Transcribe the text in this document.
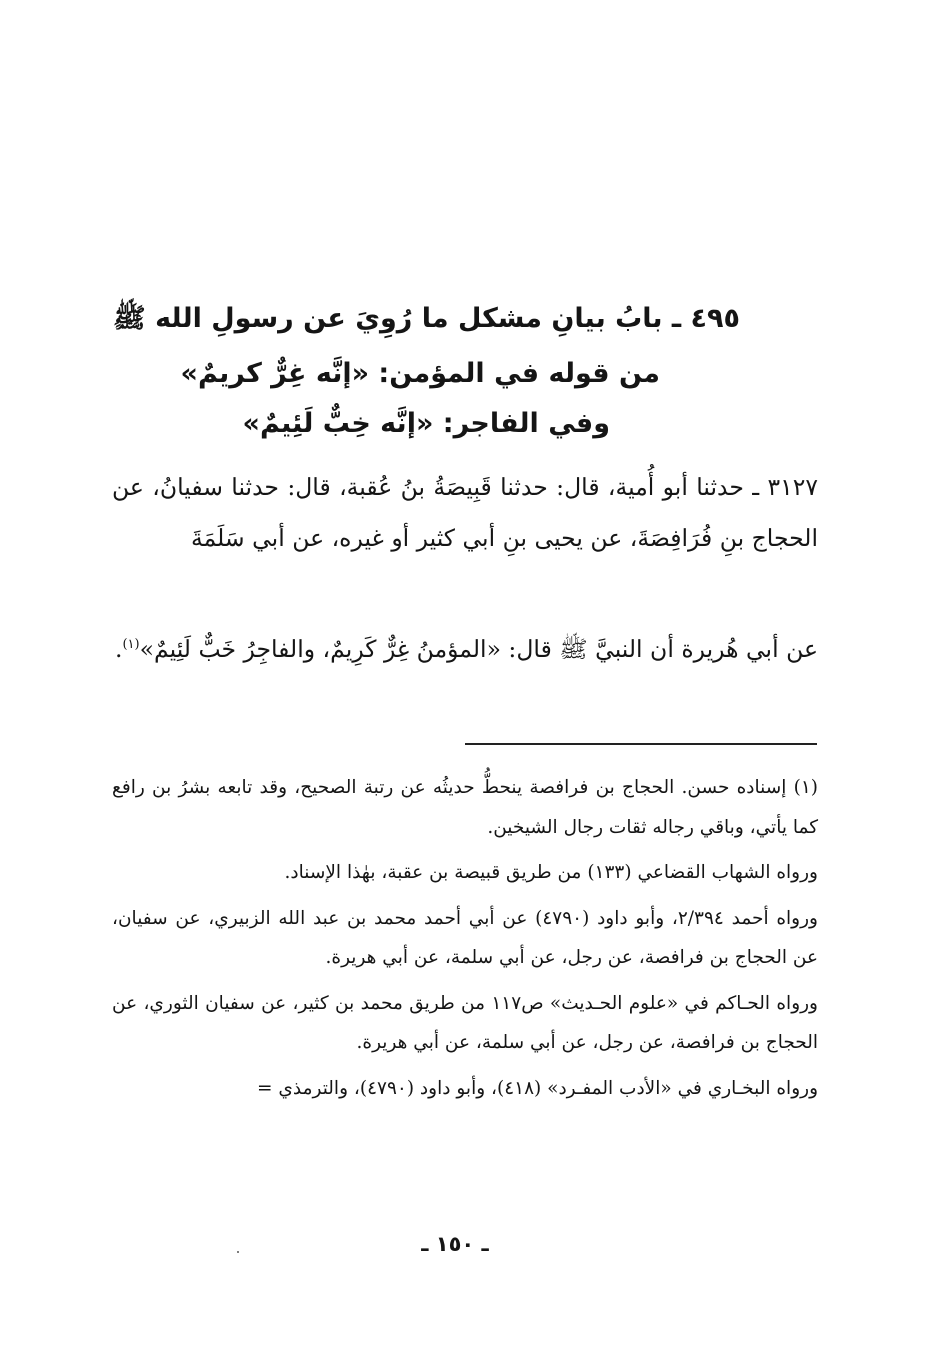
٤٩٥ ـ بابُ بيانِ مشكل ما رُوِيَ عن رسولِ الله ﷺ
من قوله في المؤمن: «إنَّه غِرٌّ كريمٌ»
وفي الفاجر: «إنَّه خِبٌّ لَئِيمٌ»
٣١٢٧ ـ حدثنا أبو أُمية، قال: حدثنا قَبِيصَةُ بنُ عُقبة، قال: حدثنا سفيانُ، عن الحجاج بنِ فُرَافِصَةَ، عن يحيى بنِ أبي كثير أو غيره، عن أبي سَلَمَةَ
عن أبي هُريرة أن النبيَّ ﷺ قال: «المؤمنُ غِرٌّ كَرِيمٌ، والفاجِرُ خَبٌّ لَئِيمٌ»$^{(١)}$.

(١) إسناده حسن. الحجاج بن فرافصة ينحطُّ حديثُه عن رتبة الصحيح، وقد تابعه بشرُ بن رافع كما يأتي، وباقي رجاله ثقات رجال الشيخين.

ورواه الشهاب القضاعي (١٣٣) من طريق قبيصة بن عقبة، بهٰذا الإسناد.

ورواه أحمد ٢/٣٩٤، وأبو داود (٤٧٩٠) عن أبي أحمد محمد بن عبد الله الزبيري، عن سفيان، عن الحجاج بن فرافصة، عن رجل، عن أبي سلمة، عن أبي هريرة.

ورواه الحـاكم في «علوم الحـديث» ص١١٧ من طريق محمد بن كثير، عن سفيان الثوري، عن الحجاج بن فرافصة، عن رجل، عن أبي سلمة، عن أبي هريرة.

ورواه البخـاري في «الأدب المفـرد» (٤١٨)، وأبو داود (٤٧٩٠)، والترمذي =

ـ ١٥٠ ـ
